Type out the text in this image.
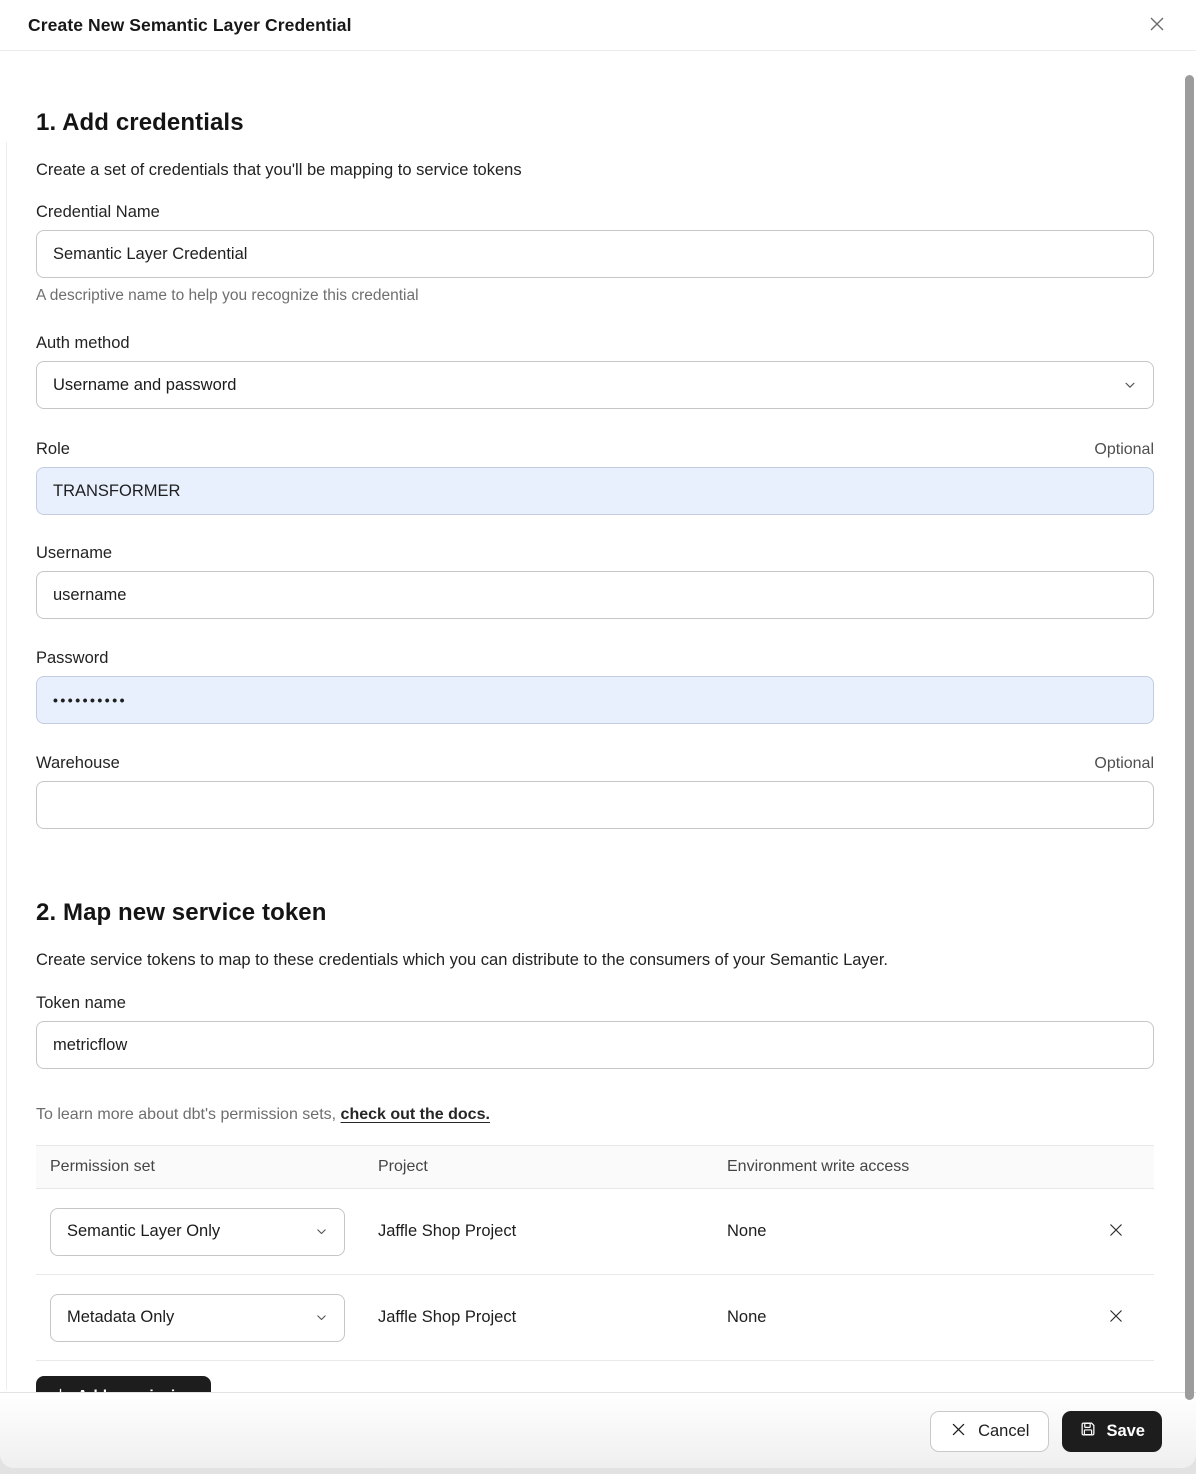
Create New Semantic Layer Credential
1. Add credentials

Create a set of credentials that you'll be mapping to service tokens

Credential Name
Semantic Layer Credential
A descriptive name to help you recognize this credential
Auth method
Username and password
Role	Optional
TRANSFORMER
Username
username
Password
••••••••••
Warehouse	Optional
2. Map new service token

Create service tokens to map to these credentials which you can distribute to the consumers of your Semantic Layer.

Token name
metricflow
To learn more about dbt's permission sets, check out the docs.
Permission set	Project	Environment write access
Semantic Layer Only	Jaffle Shop Project	None
Metadata Only	Jaffle Shop Project	None
Cancel	Save
